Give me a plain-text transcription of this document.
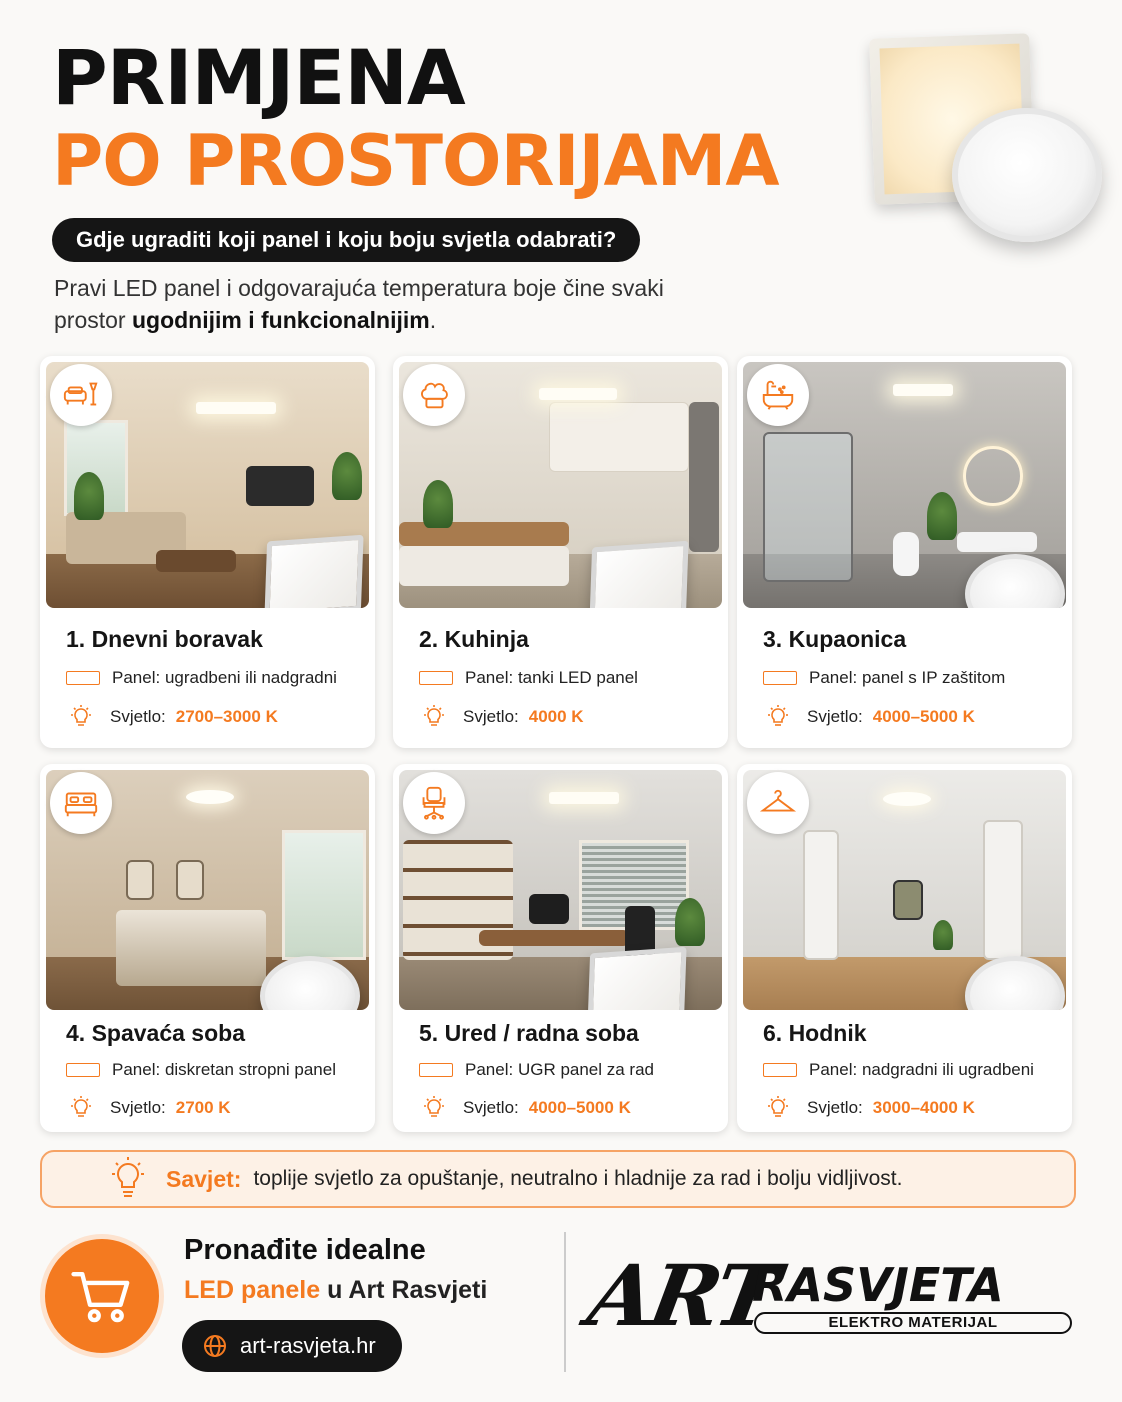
PRIMJENA
PO PROSTORIJAMA
Gdje ugraditi koji panel i koju boju svjetla odabrati?
Pravi LED panel i odgovarajuća temperatura boje čine svaki prostor ugodnijim i funkcionalnijim.
1. Dnevni boravak
Panel:
ugradbeni ili nadgradni
Svjetlo: 2700–3000 K
2. Kuhinja
Panel:
tanki LED panel
Svjetlo: 4000 K
3. Kupaonica
Panel:
panel s IP zaštitom
Svjetlo: 4000–5000 K
4. Spavaća soba
Panel:
diskretan stropni panel
Svjetlo: 2700 K
5. Ured / radna soba
Panel:
UGR panel za rad
Svjetlo: 4000–5000 K
6. Hodnik
Panel:
nadgradni ili ugradbeni
Svjetlo: 3000–4000 K
Savjet: toplije svjetlo za opuštanje, neutralno i hladnije za rad i bolju vidljivost.
Pronađite idealne
LED panele u Art Rasvjeti
art-rasvjeta.hr
ART
RASVJETA
ELEKTRO MATERIJAL
